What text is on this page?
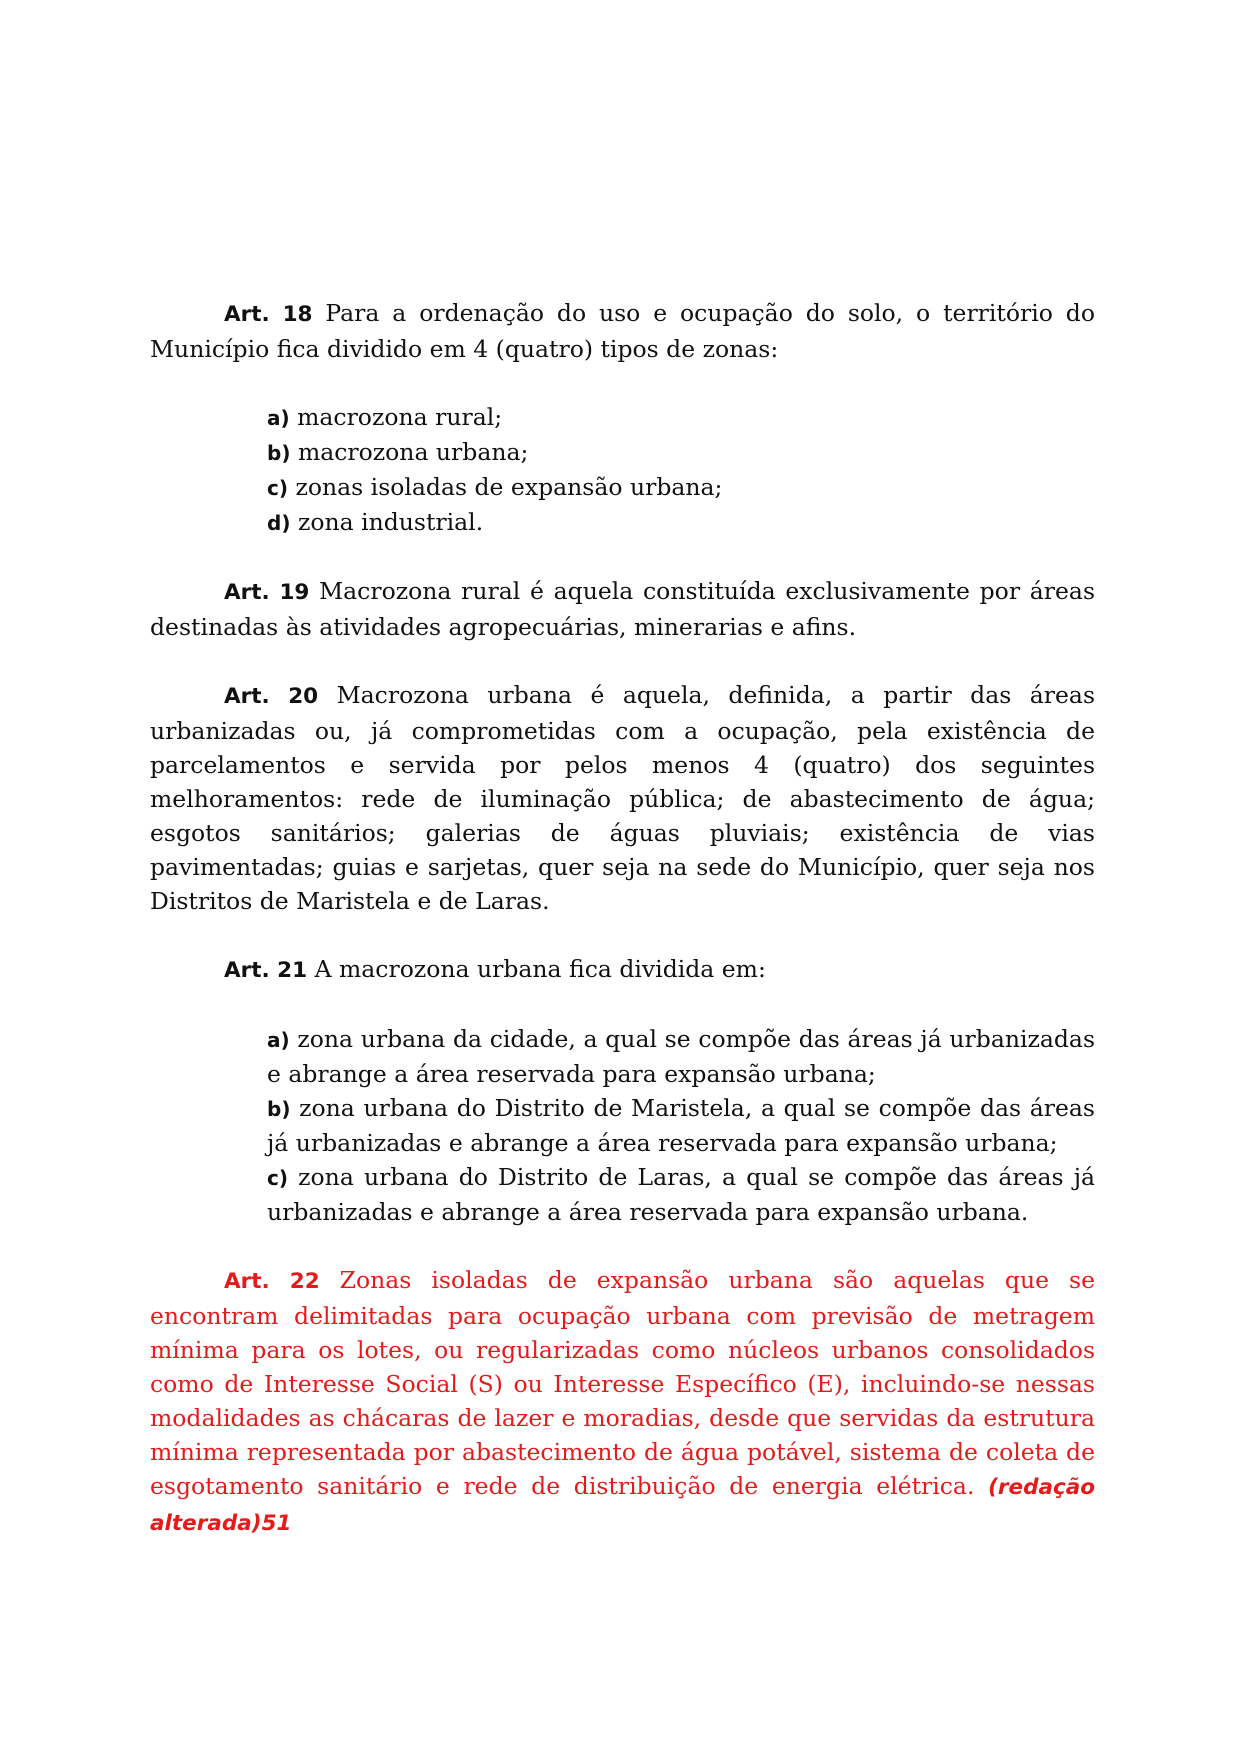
Art. 18 Para a ordenação do uso e ocupação do solo, o território do Município fica dividido em 4 (quatro) tipos de zonas:

a) macrozona rural;
b) macrozona urbana;
c) zonas isoladas de expansão urbana;
d) zona industrial.

Art. 19 Macrozona rural é aquela constituída exclusivamente por áreas destinadas às atividades agropecuárias, minerarias e afins.

Art. 20 Macrozona urbana é aquela, definida, a partir das áreas urbanizadas ou, já comprometidas com a ocupação, pela existência de parcelamentos e servida por pelos menos 4 (quatro) dos seguintes melhoramentos: rede de iluminação pública; de abastecimento de água; esgotos sanitários; galerias de águas pluviais; existência de vias pavimentadas; guias e sarjetas, quer seja na sede do Município, quer seja nos Distritos de Maristela e de Laras.

Art. 21 A macrozona urbana fica dividida em:

a) zona urbana da cidade, a qual se compõe das áreas já urbanizadas e abrange a área reservada para expansão urbana;
b) zona urbana do Distrito de Maristela, a qual se compõe das áreas já urbanizadas e abrange a área reservada para expansão urbana;
c) zona urbana do Distrito de Laras, a qual se compõe das áreas já urbanizadas e abrange a área reservada para expansão urbana.

Art. 22 Zonas isoladas de expansão urbana são aquelas que se encontram delimitadas para ocupação urbana com previsão de metragem mínima para os lotes, ou regularizadas como núcleos urbanos consolidados como de Interesse Social (S) ou Interesse Específico (E), incluindo-se nessas modalidades as chácaras de lazer e moradias, desde que servidas da estrutura mínima representada por abastecimento de água potável, sistema de coleta de esgotamento sanitário e rede de distribuição de energia elétrica. (redação alterada)51
